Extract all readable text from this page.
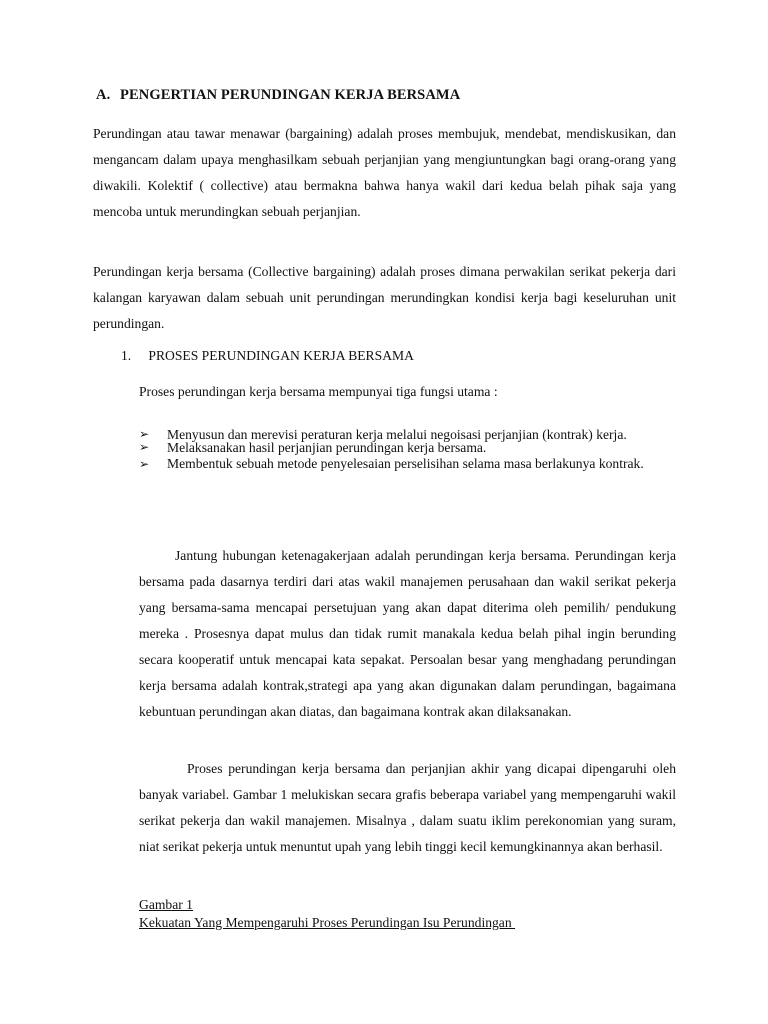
A. PENGERTIAN PERUNDINGAN KERJA BERSAMA

Perundingan atau tawar menawar (bargaining) adalah proses membujuk, mendebat, mendiskusikan, dan mengancam dalam upaya menghasilkam sebuah perjanjian yang mengiuntungkan bagi orang-orang yang diwakili. Kolektif ( collective) atau bermakna bahwa hanya wakil dari kedua belah pihak saja yang mencoba untuk merundingkan sebuah perjanjian.

Perundingan kerja bersama (Collective bargaining) adalah proses dimana perwakilan serikat pekerja dari kalangan karyawan dalam sebuah unit perundingan merundingkan kondisi kerja bagi keseluruhan unit perundingan.

1. PROSES PERUNDINGAN KERJA BERSAMA
Proses perundingan kerja bersama mempunyai tiga fungsi utama :
➢	Menyusun dan merevisi peraturan kerja melalui negoisasi perjanjian (kontrak) kerja.
➢	Melaksanakan hasil perjanjian perundingan kerja bersama.
➢	Membentuk sebuah metode penyelesaian perselisihan selama masa berlakunya kontrak.

Jantung hubungan ketenagakerjaan adalah perundingan kerja bersama. Perundingan kerja bersama pada dasarnya terdiri dari atas wakil manajemen perusahaan dan wakil serikat pekerja yang bersama-sama mencapai persetujuan yang akan dapat diterima oleh pemilih/ pendukung mereka . Prosesnya dapat mulus dan tidak rumit manakala kedua belah pihal ingin berunding secara kooperatif untuk mencapai kata sepakat. Persoalan besar yang menghadang perundingan kerja bersama adalah kontrak,strategi apa yang akan digunakan dalam perundingan, bagaimana kebuntuan perundingan akan diatas, dan bagaimana kontrak akan dilaksanakan.

Proses perundingan kerja bersama dan perjanjian akhir yang dicapai dipengaruhi oleh banyak variabel. Gambar 1 melukiskan secara grafis beberapa variabel yang mempengaruhi wakil serikat pekerja dan wakil manajemen. Misalnya , dalam suatu iklim perekonomian yang suram, niat serikat pekerja untuk menuntut upah yang lebih tinggi kecil kemungkinannya akan berhasil.

Gambar 1
Kekuatan Yang Mempengaruhi Proses Perundingan Isu Perundingan
